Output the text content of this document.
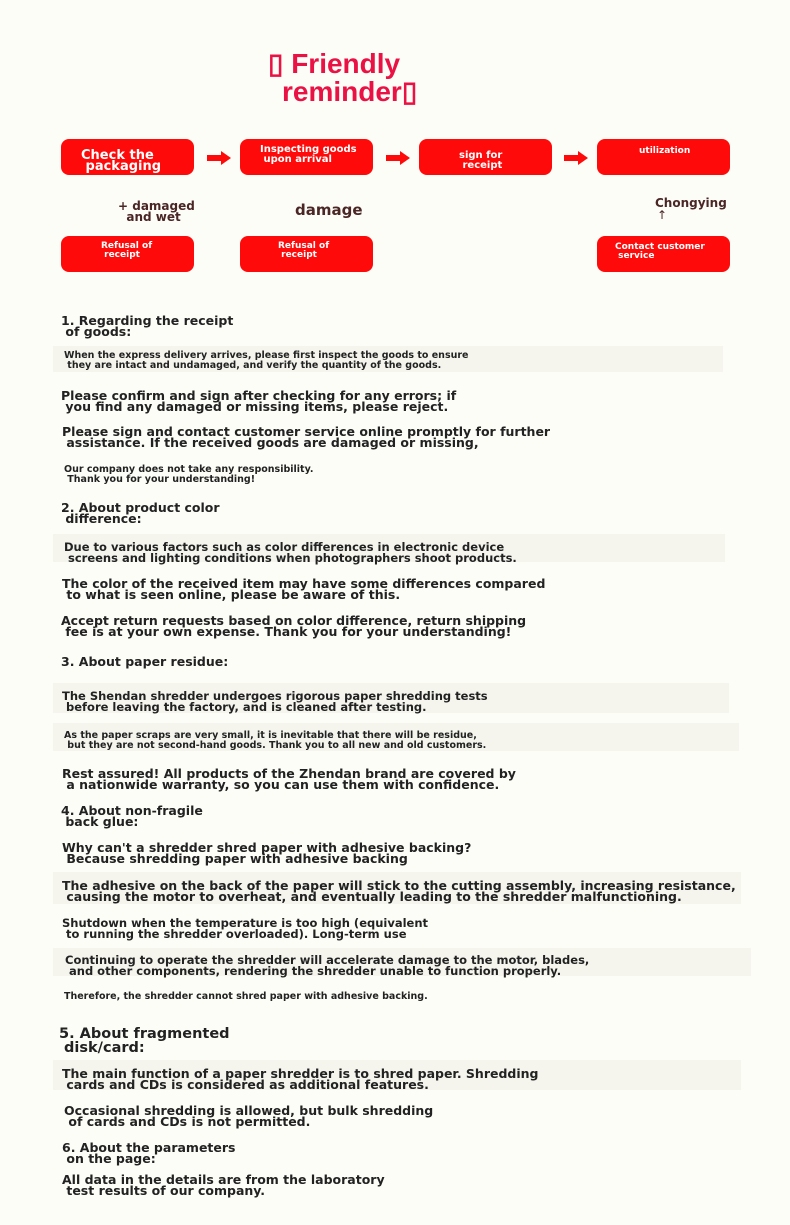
▯ Friendly
reminder▯
Check the
packaging
Inspecting goods
upon arrival	sign for
receipt
utilization
+ damaged
and wet	damage	Chongying
↑
Refusal of
receipt
Refusal of
receipt
Contact customer
service
1. Regarding the receipt
of goods:
When the express delivery arrives, please first inspect the goods to ensure
they are intact and undamaged, and verify the quantity of the goods.
Please confirm and sign after checking for any errors; if
you find any damaged or missing items, please reject.
Please sign and contact customer service online promptly for further
assistance. If the received goods are damaged or missing,
Our company does not take any responsibility.
Thank you for your understanding!
2. About product color
difference:
Due to various factors such as color differences in electronic device
screens and lighting conditions when photographers shoot products.
The color of the received item may have some differences compared
to what is seen online, please be aware of this.
Accept return requests based on color difference, return shipping
fee is at your own expense. Thank you for your understanding!
3. About paper residue:
The Shendan shredder undergoes rigorous paper shredding tests
before leaving the factory, and is cleaned after testing.
As the paper scraps are very small, it is inevitable that there will be residue,
but they are not second-hand goods. Thank you to all new and old customers.
Rest assured! All products of the Zhendan brand are covered by
a nationwide warranty, so you can use them with confidence.
4. About non-fragile
back glue:
Why can't a shredder shred paper with adhesive backing?
Because shredding paper with adhesive backing
The adhesive on the back of the paper will stick to the cutting assembly, increasing resistance,
causing the motor to overheat, and eventually leading to the shredder malfunctioning.
Shutdown when the temperature is too high (equivalent
to running the shredder overloaded). Long-term use
Continuing to operate the shredder will accelerate damage to the motor, blades,
and other components, rendering the shredder unable to function properly.
Therefore, the shredder cannot shred paper with adhesive backing.
5. About fragmented
disk/card:
The main function of a paper shredder is to shred paper. Shredding
cards and CDs is considered as additional features.
Occasional shredding is allowed, but bulk shredding
of cards and CDs is not permitted.
6. About the parameters
on the page:
All data in the details are from the laboratory
test results of our company.
